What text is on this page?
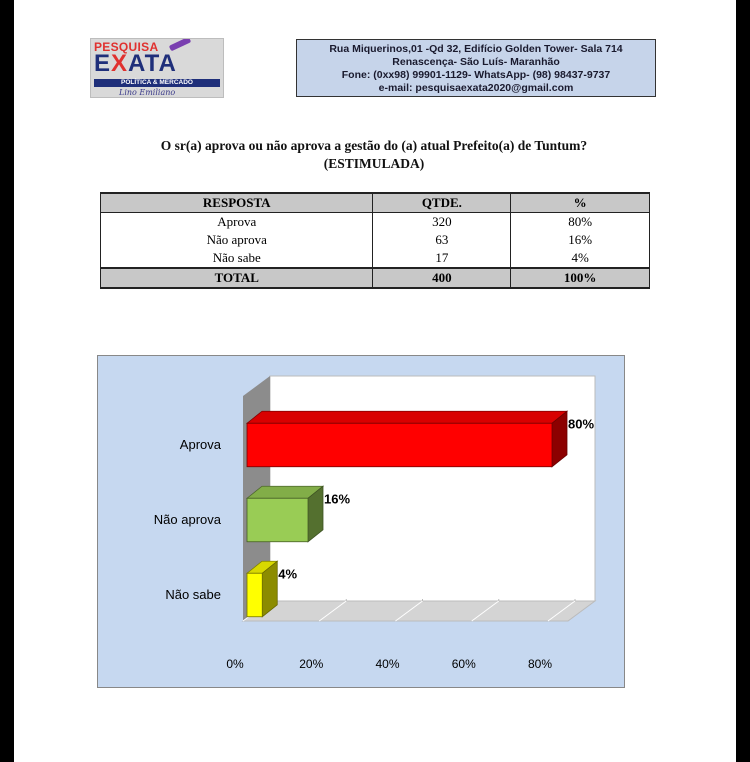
PESQUISA
EXATA
POLÍTICA & MERCADO
Lino Emiliano
Rua Miquerinos,01 -Qd 32, Edifício Golden Tower- Sala 714
Renascença- São Luís- Maranhão
Fone: (0xx98) 99901-1129- WhatsApp- (98) 98437-9737
e-mail: pesquisaexata2020@gmail.com
O sr(a) aprova ou não aprova a gestão do (a) atual Prefeito(a) de Tuntum?
(ESTIMULADA)
RESPOSTA	QTDE.	%
Aprova	320	80%
Não aprova	63	16%
Não sabe	17	4%
TOTAL	400	100%
0%	20%	40%	60%	80%
80%
Aprova
16%
Não aprova
4%
Não sabe
